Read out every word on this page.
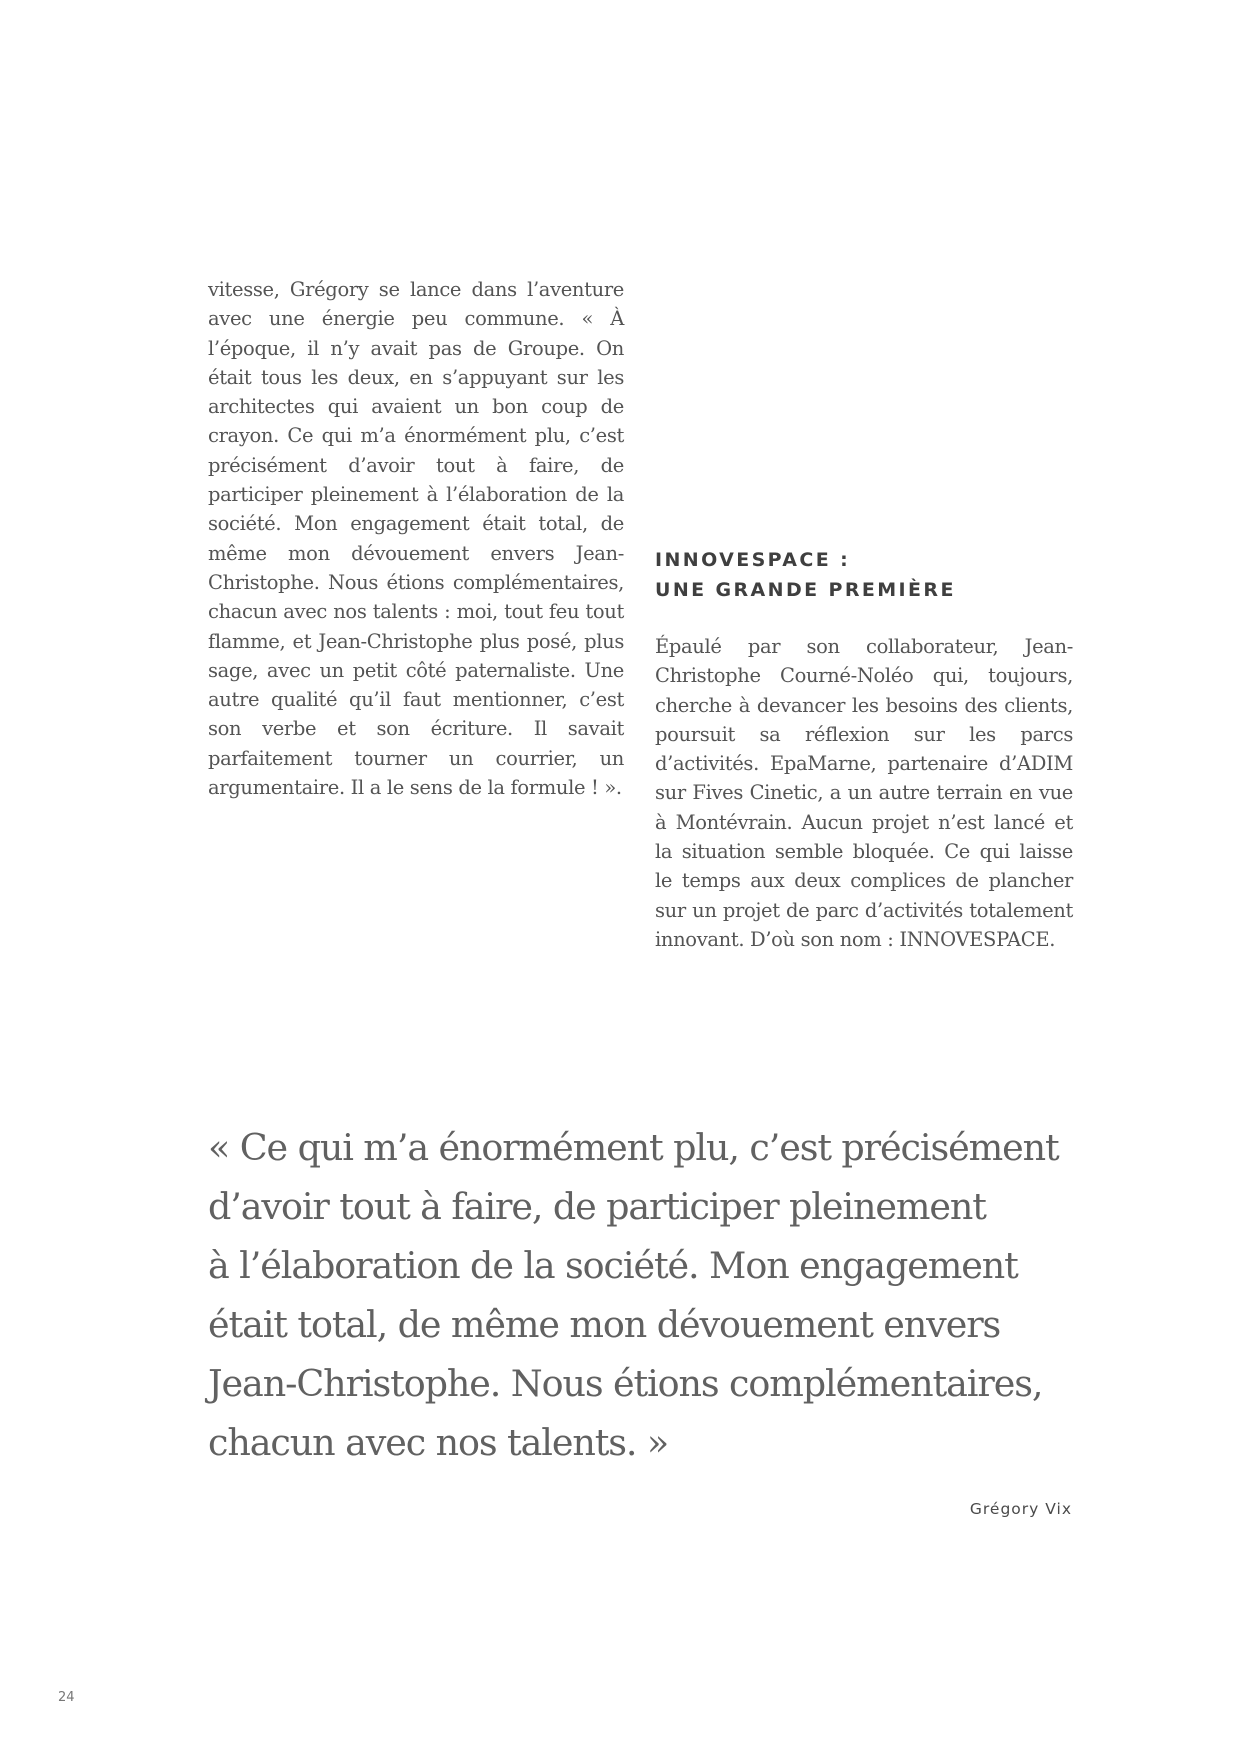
vitesse, Grégory se lance dans l’aventure avec une énergie peu commune. « À l’époque, il n’y avait pas de Groupe. On était tous les deux, en s’appuyant sur les architectes qui avaient un bon coup de crayon. Ce qui m’a énormément plu, c’est précisément d’avoir tout à faire, de participer pleinement à l’élaboration de la société. Mon engagement était total, de même mon dévouement envers Jean-Christophe. Nous étions complémentaires, chacun avec nos talents : moi, tout feu tout flamme, et Jean-Christophe plus posé, plus sage, avec un petit côté paternaliste. Une autre qualité qu’il faut mentionner, c’est son verbe et son écriture. Il savait parfaitement tourner un courrier, un argumentaire. Il a le sens de la formule ! ».

INNOVESPACE :
UNE GRANDE PREMIÈRE

Épaulé par son collaborateur, Jean-Christophe Courné-Noléo qui, toujours, cherche à devancer les besoins des clients, poursuit sa réflexion sur les parcs d’activités. EpaMarne, partenaire d’ADIM sur Fives Cinetic, a un autre terrain en vue à Montévrain. Aucun projet n’est lancé et la situation semble bloquée. Ce qui laisse le temps aux deux complices de plancher sur un projet de parc d’activités totalement innovant. D’où son nom : INNOVESPACE.

« Ce qui m’a énormément plu, c’est précisément
d’avoir tout à faire, de participer pleinement
à l’élaboration de la société. Mon engagement
était total, de même mon dévouement envers
Jean-Christophe. Nous étions complémentaires,
chacun avec nos talents. »
Grégory Vix
24
